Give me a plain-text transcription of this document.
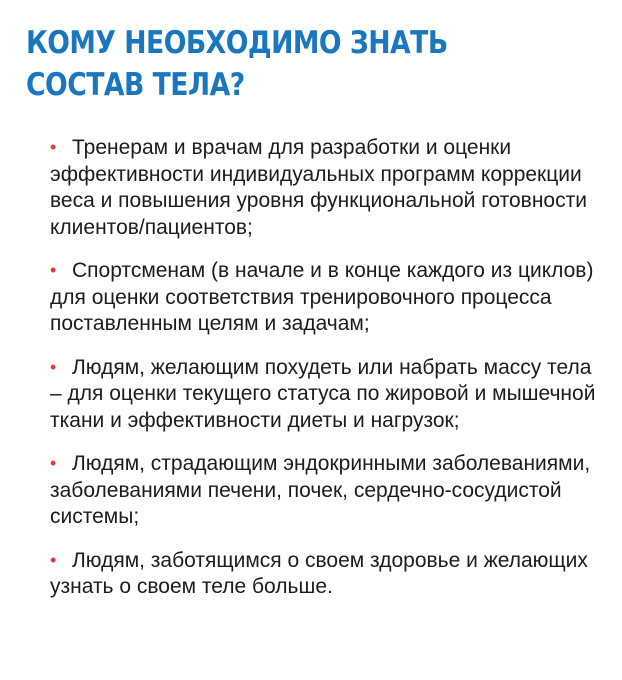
КОМУ НЕОБХОДИМО ЗНАТЬ
СОСТАВ ТЕЛА?
• Тренерам и врачам для разработки и оценки эффективности индивидуальных программ коррекции веса и повышения уровня функциональной готовности клиентов/пациентов;
• Спортсменам (в начале и в конце каждого из циклов) для оценки соответствия тренировочного процесса поставленным целям и задачам;
• Людям, желающим похудеть или набрать массу тела – для оценки текущего статуса по жировой и мышечной ткани и эффективности диеты и нагрузок;
• Людям, страдающим эндокринными заболеваниями, заболеваниями печени, почек, сердечно-сосудистой системы;
• Людям, заботящимся о своем здоровье и желающих узнать о своем теле больше.
